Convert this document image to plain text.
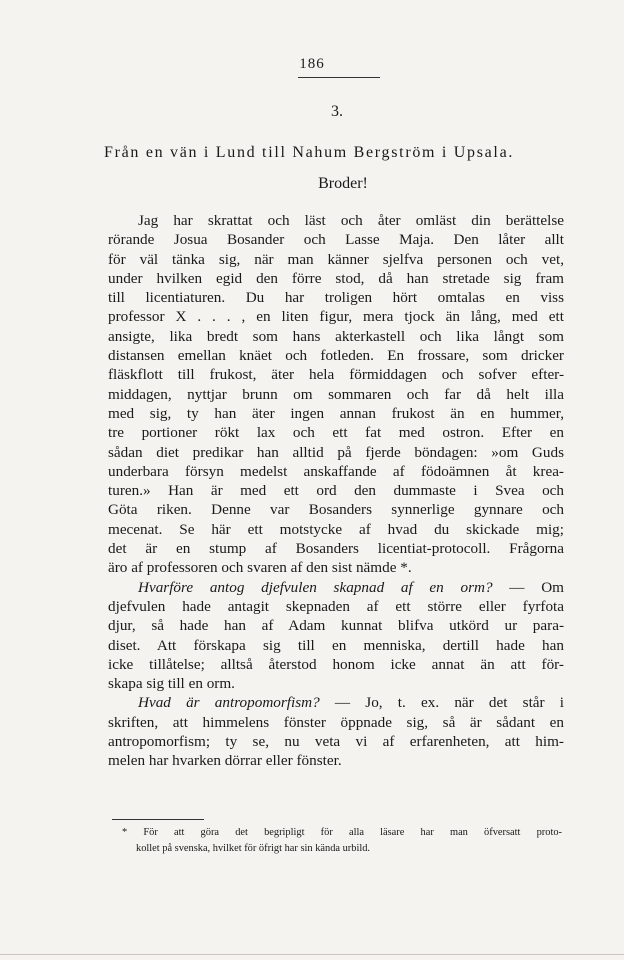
186
3.
Från en vän i Lund till Nahum Bergström i Upsala.
Broder!
Jag har skrattat och läst och åter omläst din berättelse
rörande Josua Bosander och Lasse Maja. Den låter allt
för väl tänka sig, när man känner sjelfva personen och vet,
under hvilken egid den förre stod, då han stretade sig fram
till licentiaturen. Du har troligen hört omtalas en viss
professor X . . . , en liten figur, mera tjock än lång, med ett
ansigte, lika bredt som hans akterkastell och lika långt som
distansen emellan knäet och fotleden. En frossare, som dricker
fläskflott till frukost, äter hela förmiddagen och sofver efter-
middagen, nyttjar brunn om sommaren och far då helt illa
med sig, ty han äter ingen annan frukost än en hummer,
tre portioner rökt lax och ett fat med ostron. Efter en
sådan diet predikar han alltid på fjerde böndagen: »om Guds
underbara försyn medelst anskaffande af födoämnen åt krea-
turen.» Han är med ett ord den dummaste i Svea och
Göta riken. Denne var Bosanders synnerlige gynnare och
mecenat. Se här ett motstycke af hvad du skickade mig;
det är en stump af Bosanders licentiat-protocoll. Frågorna
äro af professoren och svaren af den sist nämde *.
Hvarföre antog djefvulen skapnad af en orm? — Om
djefvulen hade antagit skepnaden af ett större eller fyrfota
djur, så hade han af Adam kunnat blifva utkörd ur para-
diset. Att förskapa sig till en menniska, dertill hade han
icke tillåtelse; alltså återstod honom icke annat än att för-
skapa sig till en orm.
Hvad är antropomorfism? — Jo, t. ex. när det står i
skriften, att himmelens fönster öppnade sig, så är sådant en
antropomorfism; ty se, nu veta vi af erfarenheten, att him-
melen har hvarken dörrar eller fönster.
* För att göra det begripligt för alla läsare har man öfversatt proto-
kollet på svenska, hvilket för öfrigt har sin kända urbild.
